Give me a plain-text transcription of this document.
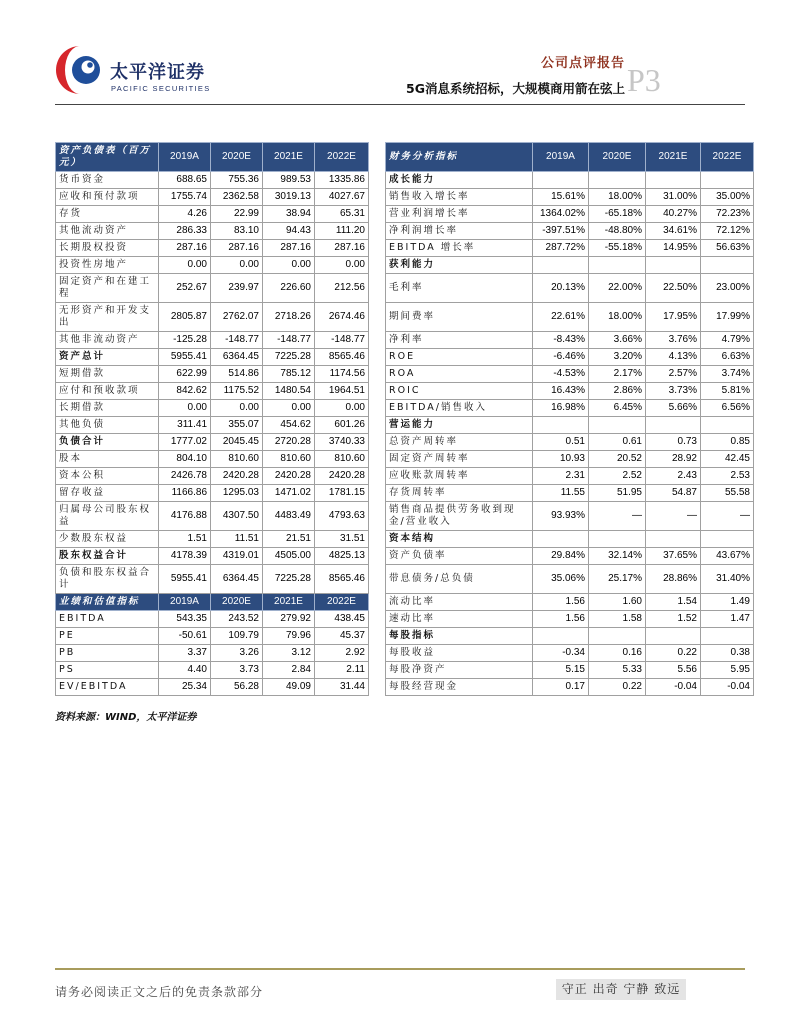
太平洋证券
PACIFIC SECURITIES
公司点评报告
5G消息系统招标，大规模商用箭在弦上 P3
资产负债表（百万元）	2019A	2020E	2021E	2022E		财务分析指标	2019A	2020E	2021E	2022E
货币资金	688.65	755.36	989.53	1335.86		成长能力				
应收和预付款项	1755.74	2362.58	3019.13	4027.67		销售收入增长率	15.61%	18.00%	31.00%	35.00%
存货	4.26	22.99	38.94	65.31		营业利润增长率	1364.02%	-65.18%	40.27%	72.23%
其他流动资产	286.33	83.10	94.43	111.20		净利润增长率	-397.51%	-48.80%	34.61%	72.12%
长期股权投资	287.16	287.16	287.16	287.16		EBITDA 增长率	287.72%	-55.18%	14.95%	56.63%
投资性房地产	0.00	0.00	0.00	0.00		获利能力				
固定资产和在建工程	252.67	239.97	226.60	212.56		毛利率	20.13%	22.00%	22.50%	23.00%
无形资产和开发支出	2805.87	2762.07	2718.26	2674.46		期间费率	22.61%	18.00%	17.95%	17.99%
其他非流动资产	-125.28	-148.77	-148.77	-148.77		净利率	-8.43%	3.66%	3.76%	4.79%
资产总计	5955.41	6364.45	7225.28	8565.46		ROE	-6.46%	3.20%	4.13%	6.63%
短期借款	622.99	514.86	785.12	1174.56		ROA	-4.53%	2.17%	2.57%	3.74%
应付和预收款项	842.62	1175.52	1480.54	1964.51		ROIC	16.43%	2.86%	3.73%	5.81%
长期借款	0.00	0.00	0.00	0.00		EBITDA/销售收入	16.98%	6.45%	5.66%	6.56%
其他负债	311.41	355.07	454.62	601.26		营运能力				
负债合计	1777.02	2045.45	2720.28	3740.33		总资产周转率	0.51	0.61	0.73	0.85
股本	804.10	810.60	810.60	810.60		固定资产周转率	10.93	20.52	28.92	42.45
资本公积	2426.78	2420.28	2420.28	2420.28		应收账款周转率	2.31	2.52	2.43	2.53
留存收益	1166.86	1295.03	1471.02	1781.15		存货周转率	11.55	51.95	54.87	55.58
归属母公司股东权益	4176.88	4307.50	4483.49	4793.63		销售商品提供劳务收到现金/营业收入	93.93%	—	—	—
少数股东权益	1.51	11.51	21.51	31.51		资本结构				
股东权益合计	4178.39	4319.01	4505.00	4825.13		资产负债率	29.84%	32.14%	37.65%	43.67%
负债和股东权益合计	5955.41	6364.45	7225.28	8565.46		带息债务/总负债	35.06%	25.17%	28.86%	31.40%
业绩和估值指标	2019A	2020E	2021E	2022E		流动比率	1.56	1.60	1.54	1.49
EBITDA	543.35	243.52	279.92	438.45		速动比率	1.56	1.58	1.52	1.47
PE	-50.61	109.79	79.96	45.37		每股指标				
PB	3.37	3.26	3.12	2.92		每股收益	-0.34	0.16	0.22	0.38
PS	4.40	3.73	2.84	2.11		每股净资产	5.15	5.33	5.56	5.95
EV/EBITDA	25.34	56.28	49.09	31.44		每股经营现金	0.17	0.22	-0.04	-0.04
资料来源：WIND，太平洋证券
请务必阅读正文之后的免责条款部分	守正 出奇 宁静 致远
